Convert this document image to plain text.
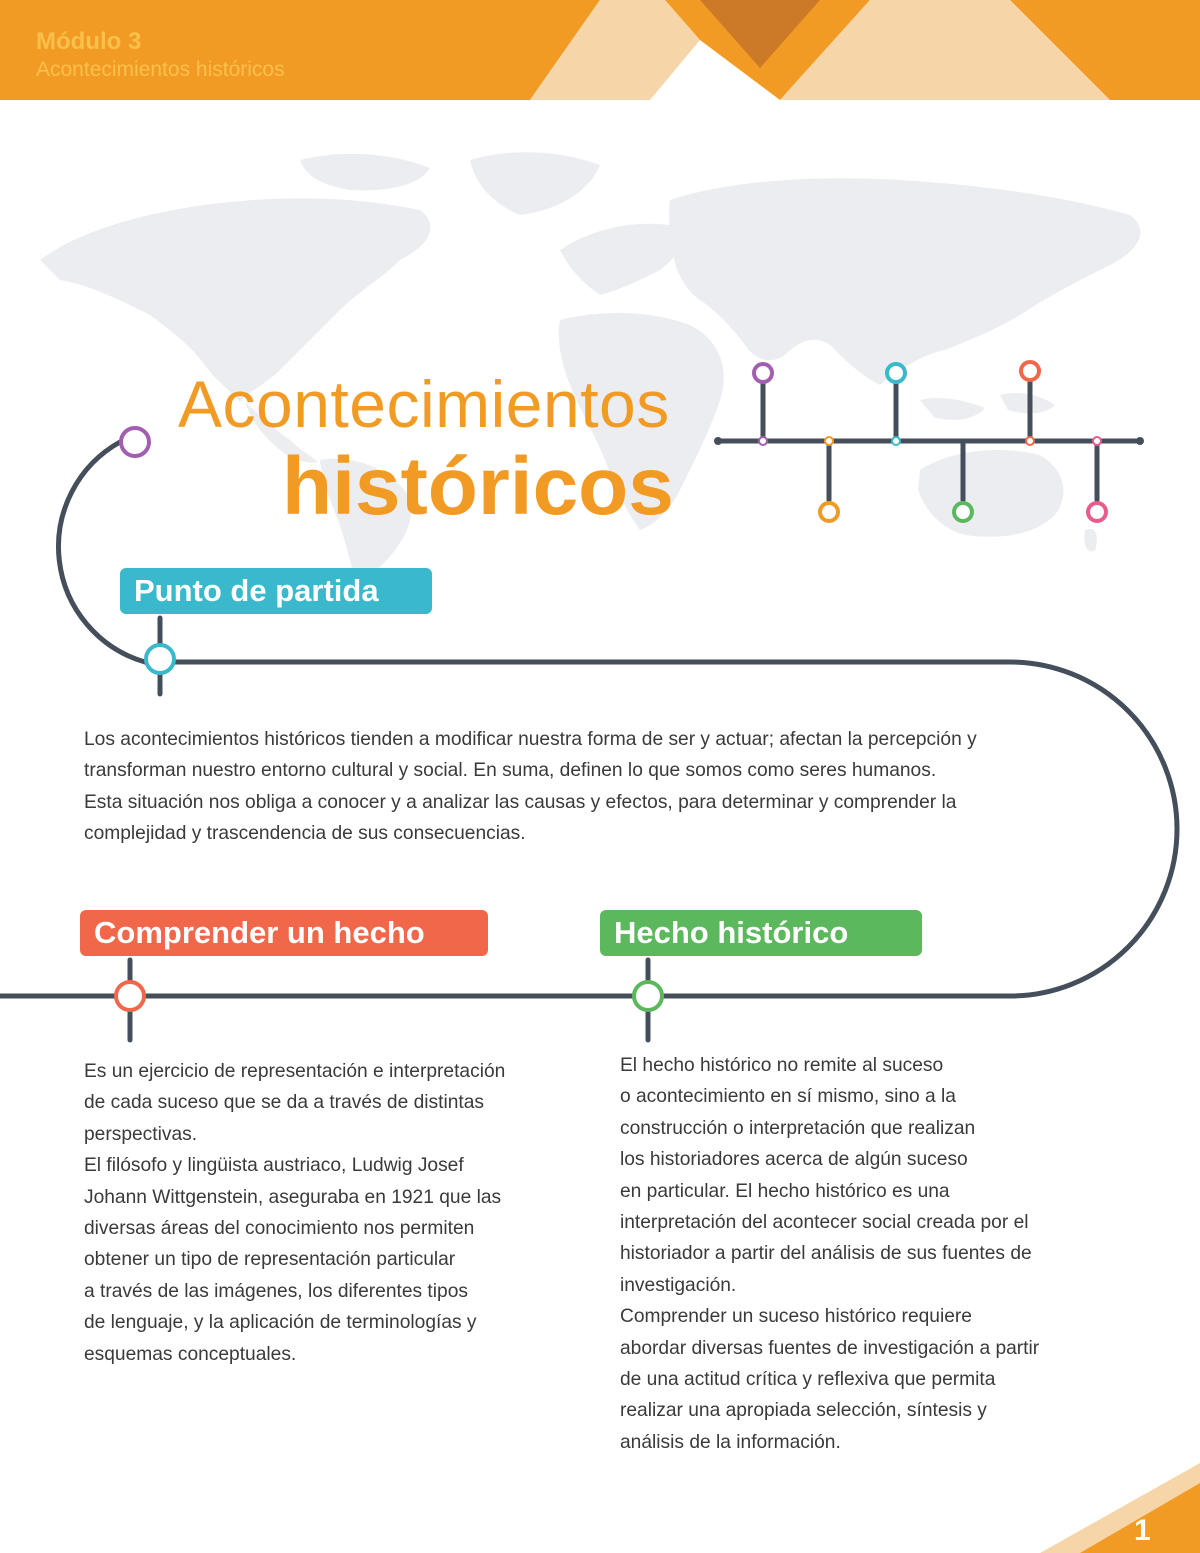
Módulo 3
Acontecimientos históricos
Acontecimientos
históricos
Punto de partida
Comprender un hecho	Hecho histórico

Los acontecimientos históricos tienden a modificar nuestra forma de ser y actuar; afectan la percepción y
transforman nuestro entorno cultural y social. En suma, definen lo que somos como seres humanos.
Esta situación nos obliga a conocer y a analizar las causas y efectos, para determinar y comprender la
complejidad y trascendencia de sus consecuencias.

Es un ejercicio de representación e interpretación
de cada suceso que se da a través de distintas
perspectivas.
El filósofo y lingüista austriaco, Ludwig Josef
Johann Wittgenstein, aseguraba en 1921 que las
diversas áreas del conocimiento nos permiten
obtener un tipo de representación particular
a través de las imágenes, los diferentes tipos
de lenguaje, y la aplicación de terminologías y
esquemas conceptuales.

El hecho histórico no remite al suceso
o acontecimiento en sí mismo, sino a la
construcción o interpretación que realizan
los historiadores acerca de algún suceso
en particular. El hecho histórico es una
interpretación del acontecer social creada por el
historiador a partir del análisis de sus fuentes de
investigación.
Comprender un suceso histórico requiere
abordar diversas fuentes de investigación a partir
de una actitud crítica y reflexiva que permita
realizar una apropiada selección, síntesis y
análisis de la información.

1
